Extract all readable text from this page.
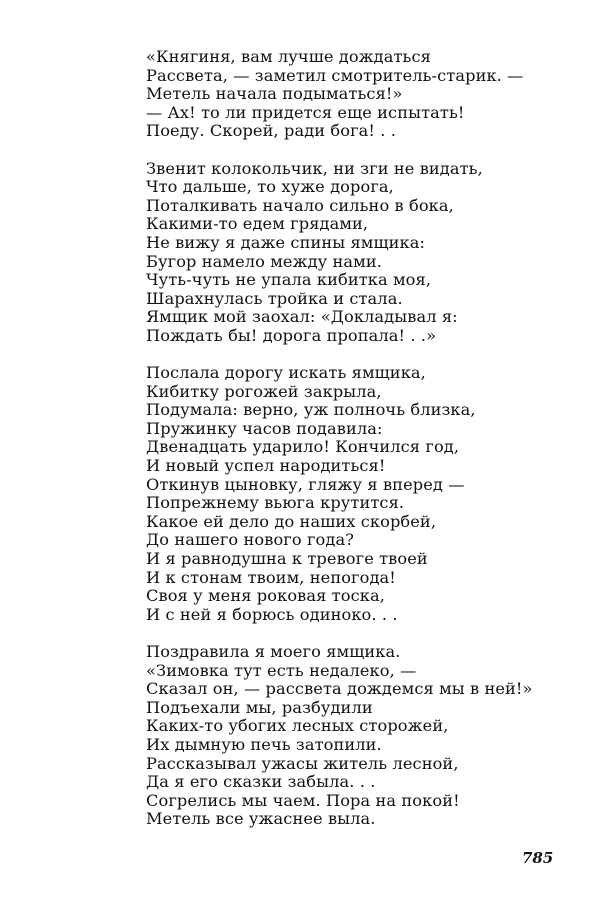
«Княгиня, вам лучше дождаться
Рассвета, — заметил смотритель-старик. —
Метель начала подыматься!»
— Ах! то ли придется еще испытать!
Поеду. Скорей, ради бога! . .
Звенит колокольчик, ни зги не видать,
Что дальше, то хуже дорога,
Поталкивать начало сильно в бока,
Какими-то едем грядами,
Не вижу я даже спины ямщика:
Бугор намело между нами.
Чуть-чуть не упала кибитка моя,
Шарахнулась тройка и стала.
Ямщик мой заохал: «Докладывал я:
Пождать бы! дорога пропала! . .»
Послала дорогу искать ямщика,
Кибитку рогожей закрыла,
Подумала: верно, уж полночь близка,
Пружинку часов подавила:
Двенадцать ударило! Кончился год,
И новый успел народиться!
Откинув цыновку, гляжу я вперед —
Попрежнему вьюга крутится.
Какое ей дело до наших скорбей,
До нашего нового года?
И я равнодушна к тревоге твоей
И к стонам твоим, непогода!
Своя у меня роковая тоска,
И с ней я борюсь одиноко. . .
Поздравила я моего ямщика.
«Зимовка тут есть недалеко, —
Сказал он, — рассвета дождемся мы в ней!»
Подъехали мы, разбудили
Каких-то убогих лесных сторожей,
Их дымную печь затопили.
Рассказывал ужасы житель лесной,
Да я его сказки забыла. . .
Согрелись мы чаем. Пора на покой!
Метель все ужаснее выла.
785
